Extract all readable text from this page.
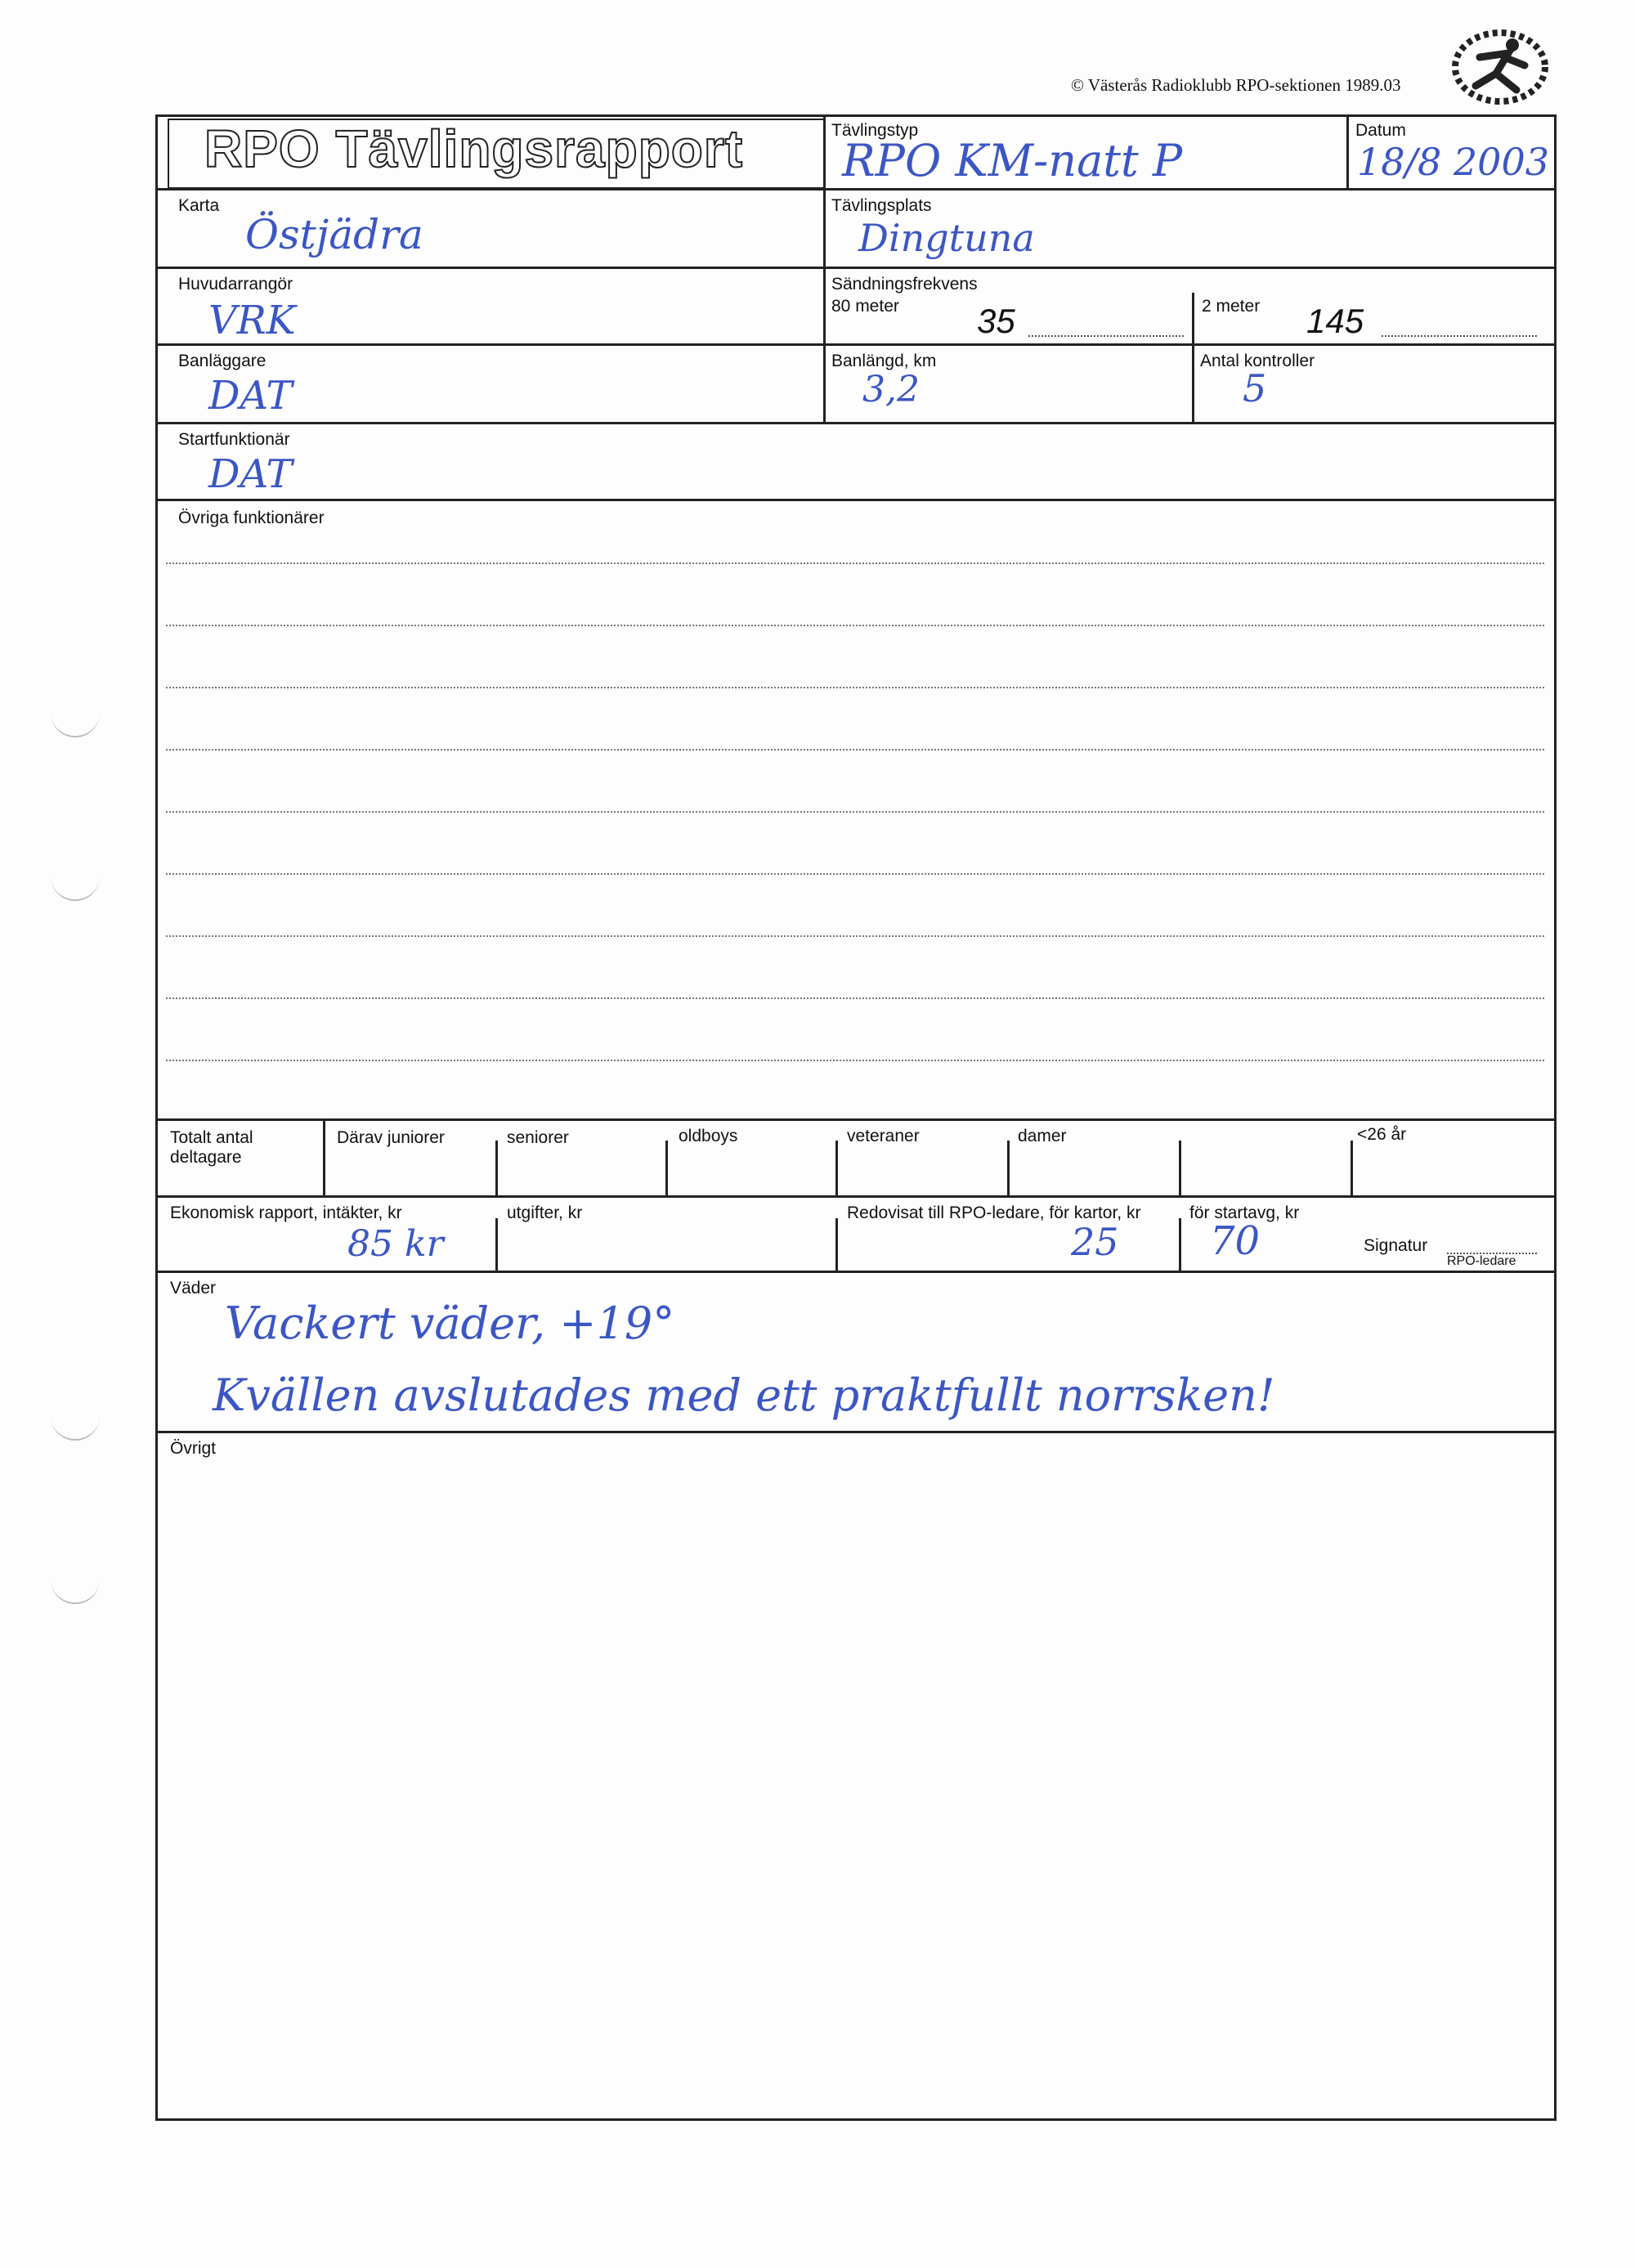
© Västerås Radioklubb RPO-sektionen 1989.03
RPO Tävlingsrapport	Tävlingstyp
RPO KM-natt P
Datum
18/8 2003
Karta
Östjädra
Tävlingsplats
Dingtuna
Huvudarrangör
VRK
Sändningsfrekvens
80 meter 35	2 meter 145
Banläggare
DAT
Banlängd, km
3,2
Antal kontroller
5
Startfunktionär
DAT
Övriga funktionärer
Totalt antal deltagare
Därav juniorer	seniorer	oldboys	veteraner	damer	<26 år
Ekonomisk rapport, intäkter, kr
85 kr
utgifter, kr	Redovisat till RPO-ledare, för kartor, kr
25
för startavg, kr
70	Signatur
RPO-ledare
Väder
Vackert väder, +19°
Kvällen avslutades med ett praktfullt norrsken!
Övrigt
